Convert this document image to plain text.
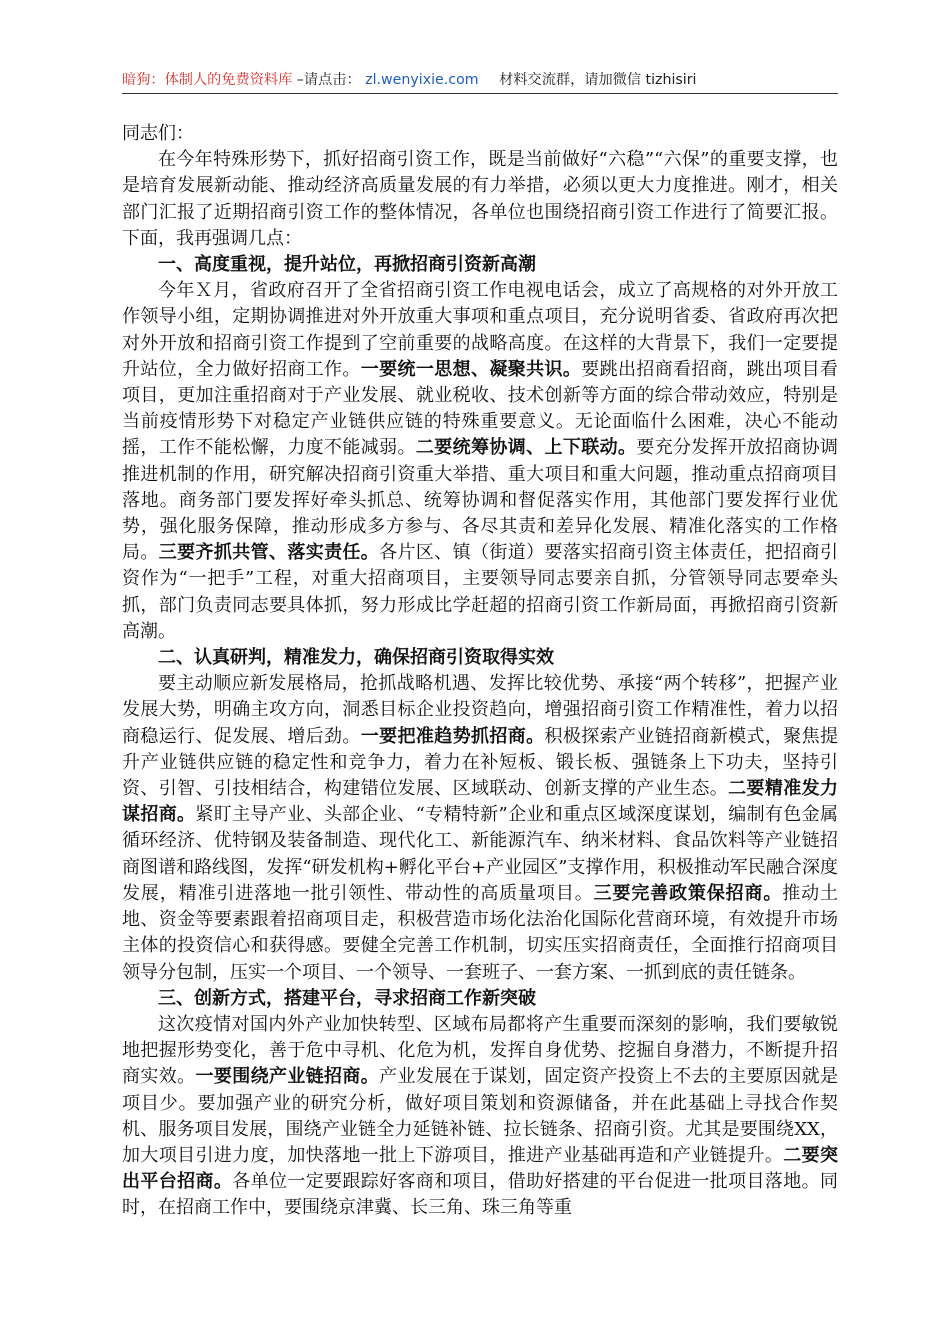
暗狗：体制人的免费资料库 –请点击： zl.wenyixie.com 材料交流群，请加微信 tizhisiri

同志们：

在今年特殊形势下，抓好招商引资工作，既是当前做好“六稳”“六保”的重要支撑，也是培育发展新动能、推动经济高质量发展的有力举措，必须以更大力度推进。刚才，相关部门汇报了近期招商引资工作的整体情况，各单位也围绕招商引资工作进行了简要汇报。下面，我再强调几点：

一、高度重视，提升站位，再掀招商引资新高潮

今年Ｘ月，省政府召开了全省招商引资工作电视电话会，成立了高规格的对外开放工作领导小组，定期协调推进对外开放重大事项和重点项目，充分说明省委、省政府再次把对外开放和招商引资工作提到了空前重要的战略高度。在这样的大背景下，我们一定要提升站位，全力做好招商工作。一要统一思想、凝聚共识。要跳出招商看招商，跳出项目看项目，更加注重招商对于产业发展、就业税收、技术创新等方面的综合带动效应，特别是当前疫情形势下对稳定产业链供应链的特殊重要意义。无论面临什么困难，决心不能动摇，工作不能松懈，力度不能减弱。二要统筹协调、上下联动。要充分发挥开放招商协调推进机制的作用，研究解决招商引资重大举措、重大项目和重大问题，推动重点招商项目落地。商务部门要发挥好牵头抓总、统筹协调和督促落实作用，其他部门要发挥行业优势，强化服务保障，推动形成多方参与、各尽其责和差异化发展、精准化落实的工作格局。三要齐抓共管、落实责任。各片区、镇（街道）要落实招商引资主体责任，把招商引资作为“一把手”工程，对重大招商项目，主要领导同志要亲自抓，分管领导同志要牵头抓，部门负责同志要具体抓，努力形成比学赶超的招商引资工作新局面，再掀招商引资新高潮。

二、认真研判，精准发力，确保招商引资取得实效

要主动顺应新发展格局，抢抓战略机遇、发挥比较优势、承接“两个转移”，把握产业发展大势，明确主攻方向，洞悉目标企业投资趋向，增强招商引资工作精准性，着力以招商稳运行、促发展、增后劲。一要把准趋势抓招商。积极探索产业链招商新模式，聚焦提升产业链供应链的稳定性和竞争力，着力在补短板、锻长板、强链条上下功夫，坚持引资、引智、引技相结合，构建错位发展、区域联动、创新支撑的产业生态。二要精准发力谋招商。紧盯主导产业、头部企业、“专精特新”企业和重点区域深度谋划，编制有色金属循环经济、优特钢及装备制造、现代化工、新能源汽车、纳米材料、食品饮料等产业链招商图谱和路线图，发挥“研发机构+孵化平台+产业园区”支撑作用，积极推动军民融合深度发展，精准引进落地一批引领性、带动性的高质量项目。三要完善政策保招商。推动土地、资金等要素跟着招商项目走，积极营造市场化法治化国际化营商环境，有效提升市场主体的投资信心和获得感。要健全完善工作机制，切实压实招商责任，全面推行招商项目领导分包制，压实一个项目、一个领导、一套班子、一套方案、一抓到底的责任链条。

三、创新方式，搭建平台，寻求招商工作新突破

这次疫情对国内外产业加快转型、区域布局都将产生重要而深刻的影响，我们要敏锐地把握形势变化，善于危中寻机、化危为机，发挥自身优势、挖掘自身潜力，不断提升招商实效。一要围绕产业链招商。产业发展在于谋划，固定资产投资上不去的主要原因就是项目少。要加强产业的研究分析，做好项目策划和资源储备，并在此基础上寻找合作契机、服务项目发展，围绕产业链全力延链补链、拉长链条、招商引资。尤其是要围绕XX，加大项目引进力度，加快落地一批上下游项目，推进产业基础再造和产业链提升。二要突出平台招商。各单位一定要跟踪好客商和项目，借助好搭建的平台促进一批项目落地。同时，在招商工作中，要围绕京津冀、长三角、珠三角等重
